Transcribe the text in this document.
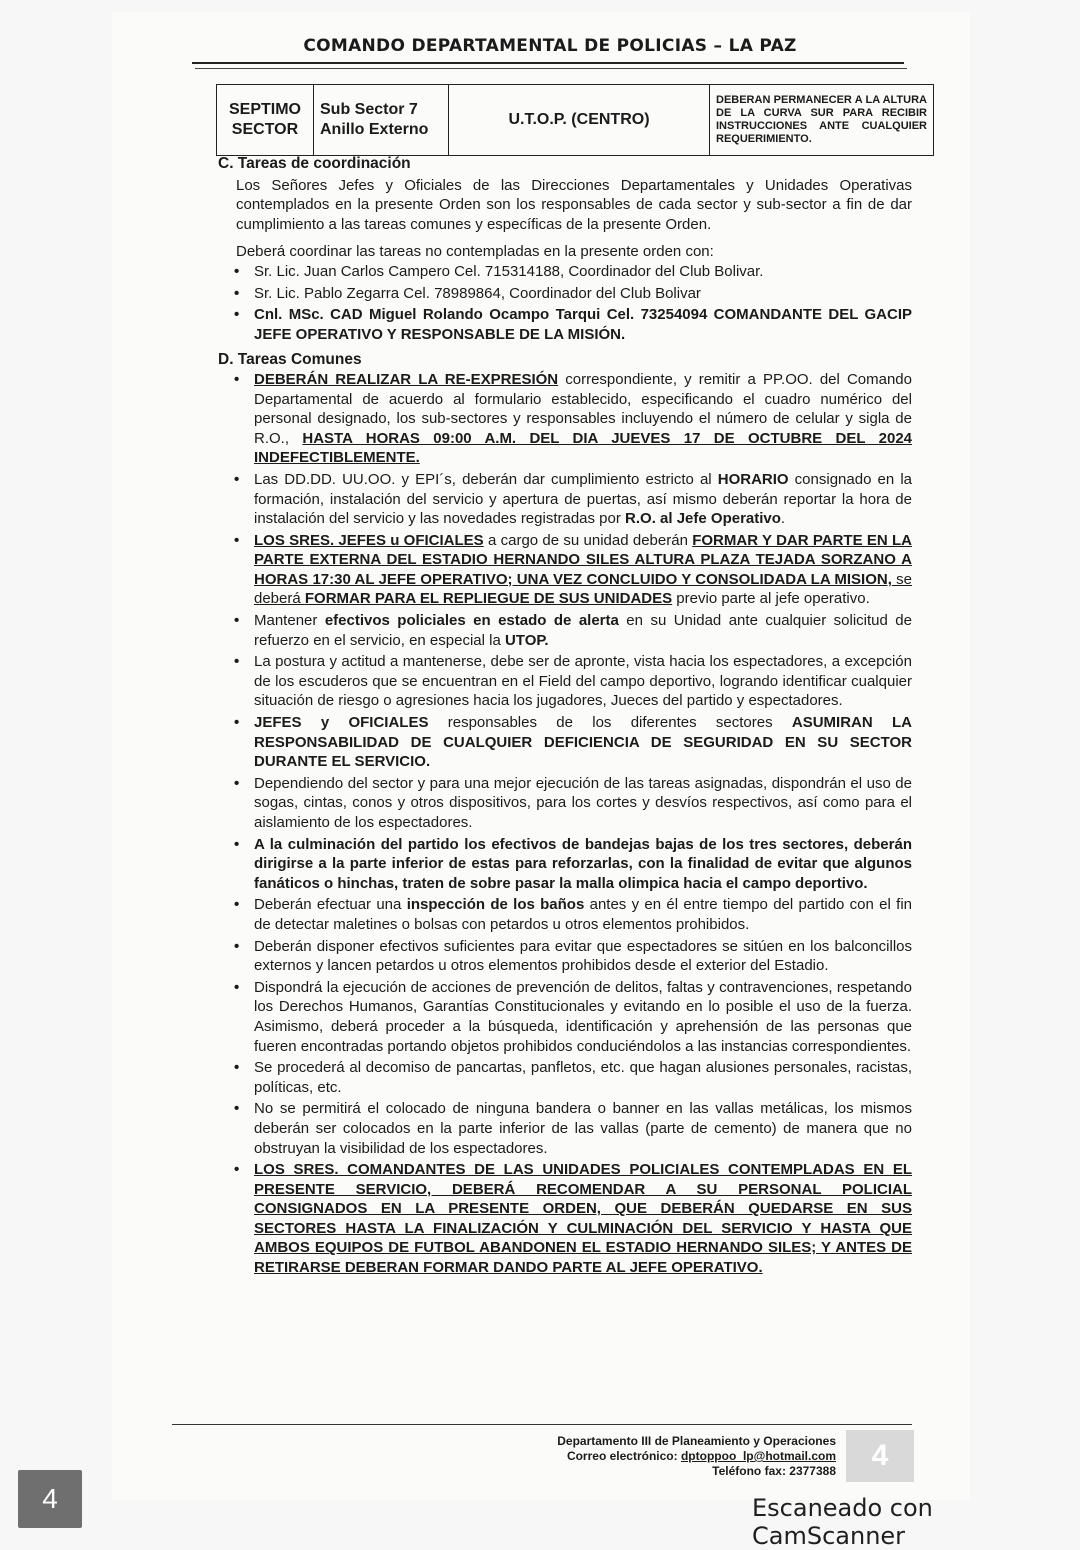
COMANDO DEPARTAMENTAL DE POLICIAS – LA PAZ
SEPTIMO SECTOR	Sub Sector 7 Anillo Externo	U.T.O.P. (CENTRO)	DEBERAN PERMANECER A LA ALTURA DE LA CURVA SUR PARA RECIBIR INSTRUCCIONES ANTE CUALQUIER REQUERIMIENTO.
C. Tareas de coordinación
Los Señores Jefes y Oficiales de las Direcciones Departamentales y Unidades Operativas contemplados en la presente Orden son los responsables de cada sector y sub-sector a fin de dar cumplimiento a las tareas comunes y específicas de la presente Orden.
Deberá coordinar las tareas no contempladas en la presente orden con:
• Sr. Lic. Juan Carlos Campero Cel. 715314188, Coordinador del Club Bolivar.
• Sr. Lic. Pablo Zegarra Cel. 78989864, Coordinador del Club Bolivar
• Cnl. MSc. CAD Miguel Rolando Ocampo Tarqui Cel. 73254094 COMANDANTE DEL GACIP JEFE OPERATIVO Y RESPONSABLE DE LA MISIÓN.
D. Tareas Comunes
• DEBERÁN REALIZAR LA RE-EXPRESIÓN correspondiente, y remitir a PP.OO. del Comando Departamental de acuerdo al formulario establecido, especificando el cuadro numérico del personal designado, los sub-sectores y responsables incluyendo el número de celular y sigla de R.O., HASTA HORAS 09:00 A.M. DEL DIA JUEVES 17 DE OCTUBRE DEL 2024 INDEFECTIBLEMENTE.
• Las DD.DD. UU.OO. y EPI´s, deberán dar cumplimiento estricto al HORARIO consignado en la formación, instalación del servicio y apertura de puertas, así mismo deberán reportar la hora de instalación del servicio y las novedades registradas por R.O. al Jefe Operativo.
• LOS SRES. JEFES u OFICIALES a cargo de su unidad deberán FORMAR Y DAR PARTE EN LA PARTE EXTERNA DEL ESTADIO HERNANDO SILES ALTURA PLAZA TEJADA SORZANO A HORAS 17:30 AL JEFE OPERATIVO; UNA VEZ CONCLUIDO Y CONSOLIDADA LA MISION, se deberá FORMAR PARA EL REPLIEGUE DE SUS UNIDADES previo parte al jefe operativo.
• Mantener efectivos policiales en estado de alerta en su Unidad ante cualquier solicitud de refuerzo en el servicio, en especial la UTOP.
• La postura y actitud a mantenerse, debe ser de apronte, vista hacia los espectadores, a excepción de los escuderos que se encuentran en el Field del campo deportivo, logrando identificar cualquier situación de riesgo o agresiones hacia los jugadores, Jueces del partido y espectadores.
• JEFES y OFICIALES responsables de los diferentes sectores ASUMIRAN LA RESPONSABILIDAD DE CUALQUIER DEFICIENCIA DE SEGURIDAD EN SU SECTOR DURANTE EL SERVICIO.
• Dependiendo del sector y para una mejor ejecución de las tareas asignadas, dispondrán el uso de sogas, cintas, conos y otros dispositivos, para los cortes y desvíos respectivos, así como para el aislamiento de los espectadores.
• A la culminación del partido los efectivos de bandejas bajas de los tres sectores, deberán dirigirse a la parte inferior de estas para reforzarlas, con la finalidad de evitar que algunos fanáticos o hinchas, traten de sobre pasar la malla olimpica hacia el campo deportivo.
• Deberán efectuar una inspección de los baños antes y en él entre tiempo del partido con el fin de detectar maletines o bolsas con petardos u otros elementos prohibidos.
• Deberán disponer efectivos suficientes para evitar que espectadores se sitúen en los balconcillos externos y lancen petardos u otros elementos prohibidos desde el exterior del Estadio.
• Dispondrá la ejecución de acciones de prevención de delitos, faltas y contravenciones, respetando los Derechos Humanos, Garantías Constitucionales y evitando en lo posible el uso de la fuerza. Asimismo, deberá proceder a la búsqueda, identificación y aprehensión de las personas que fueren encontradas portando objetos prohibidos conduciéndolos a las instancias correspondientes.
• Se procederá al decomiso de pancartas, panfletos, etc. que hagan alusiones personales, racistas, políticas, etc.
• No se permitirá el colocado de ninguna bandera o banner en las vallas metálicas, los mismos deberán ser colocados en la parte inferior de las vallas (parte de cemento) de manera que no obstruyan la visibilidad de los espectadores.
• LOS SRES. COMANDANTES DE LAS UNIDADES POLICIALES CONTEMPLADAS EN EL PRESENTE SERVICIO, DEBERÁ RECOMENDAR A SU PERSONAL POLICIAL CONSIGNADOS EN LA PRESENTE ORDEN, QUE DEBERÁN QUEDARSE EN SUS SECTORES HASTA LA FINALIZACIÓN Y CULMINACIÓN DEL SERVICIO Y HASTA QUE AMBOS EQUIPOS DE FUTBOL ABANDONEN EL ESTADIO HERNANDO SILES; Y ANTES DE RETIRARSE DEBERAN FORMAR DANDO PARTE AL JEFE OPERATIVO.
Departamento III de Planeamiento y Operaciones
Correo electrónico: dptoppoo_lp@hotmail.com
Teléfono fax: 2377388	4
4	Escaneado con CamScanner
